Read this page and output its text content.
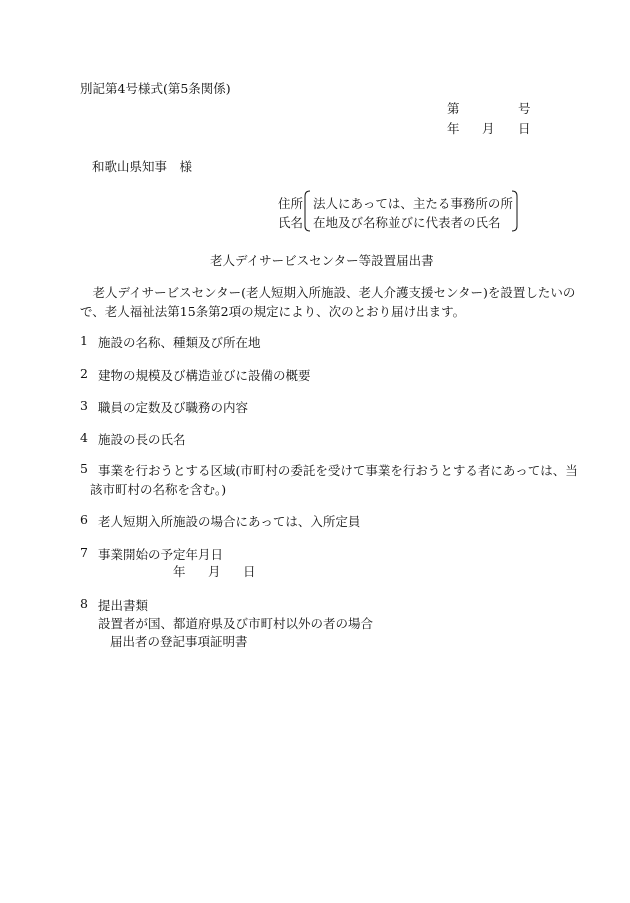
別記第4号様式(第5条関係)
第	号
年 月 日
和歌山県知事　様
住所
氏名
法人にあっては、主たる事務所の所
在地及び名称並びに代表者の氏名
老人デイサービスセンター等設置届出書
　老人デイサービスセンター(老人短期入所施設、老人介護支援センター)を設置したいの
で、老人福祉法第15条第2項の規定により、次のとおり届け出ます。
1 施設の名称、種類及び所在地
2 建物の規模及び構造並びに設備の概要
3 職員の定数及び職務の内容
4 施設の長の氏名
5 事業を行おうとする区域(市町村の委託を受けて事業を行おうとする者にあっては、当
該市町村の名称を含む。)
6 老人短期入所施設の場合にあっては、入所定員
7 事業開始の予定年月日
年 月 日
8 提出書類
設置者が国、都道府県及び市町村以外の者の場合
届出者の登記事項証明書
